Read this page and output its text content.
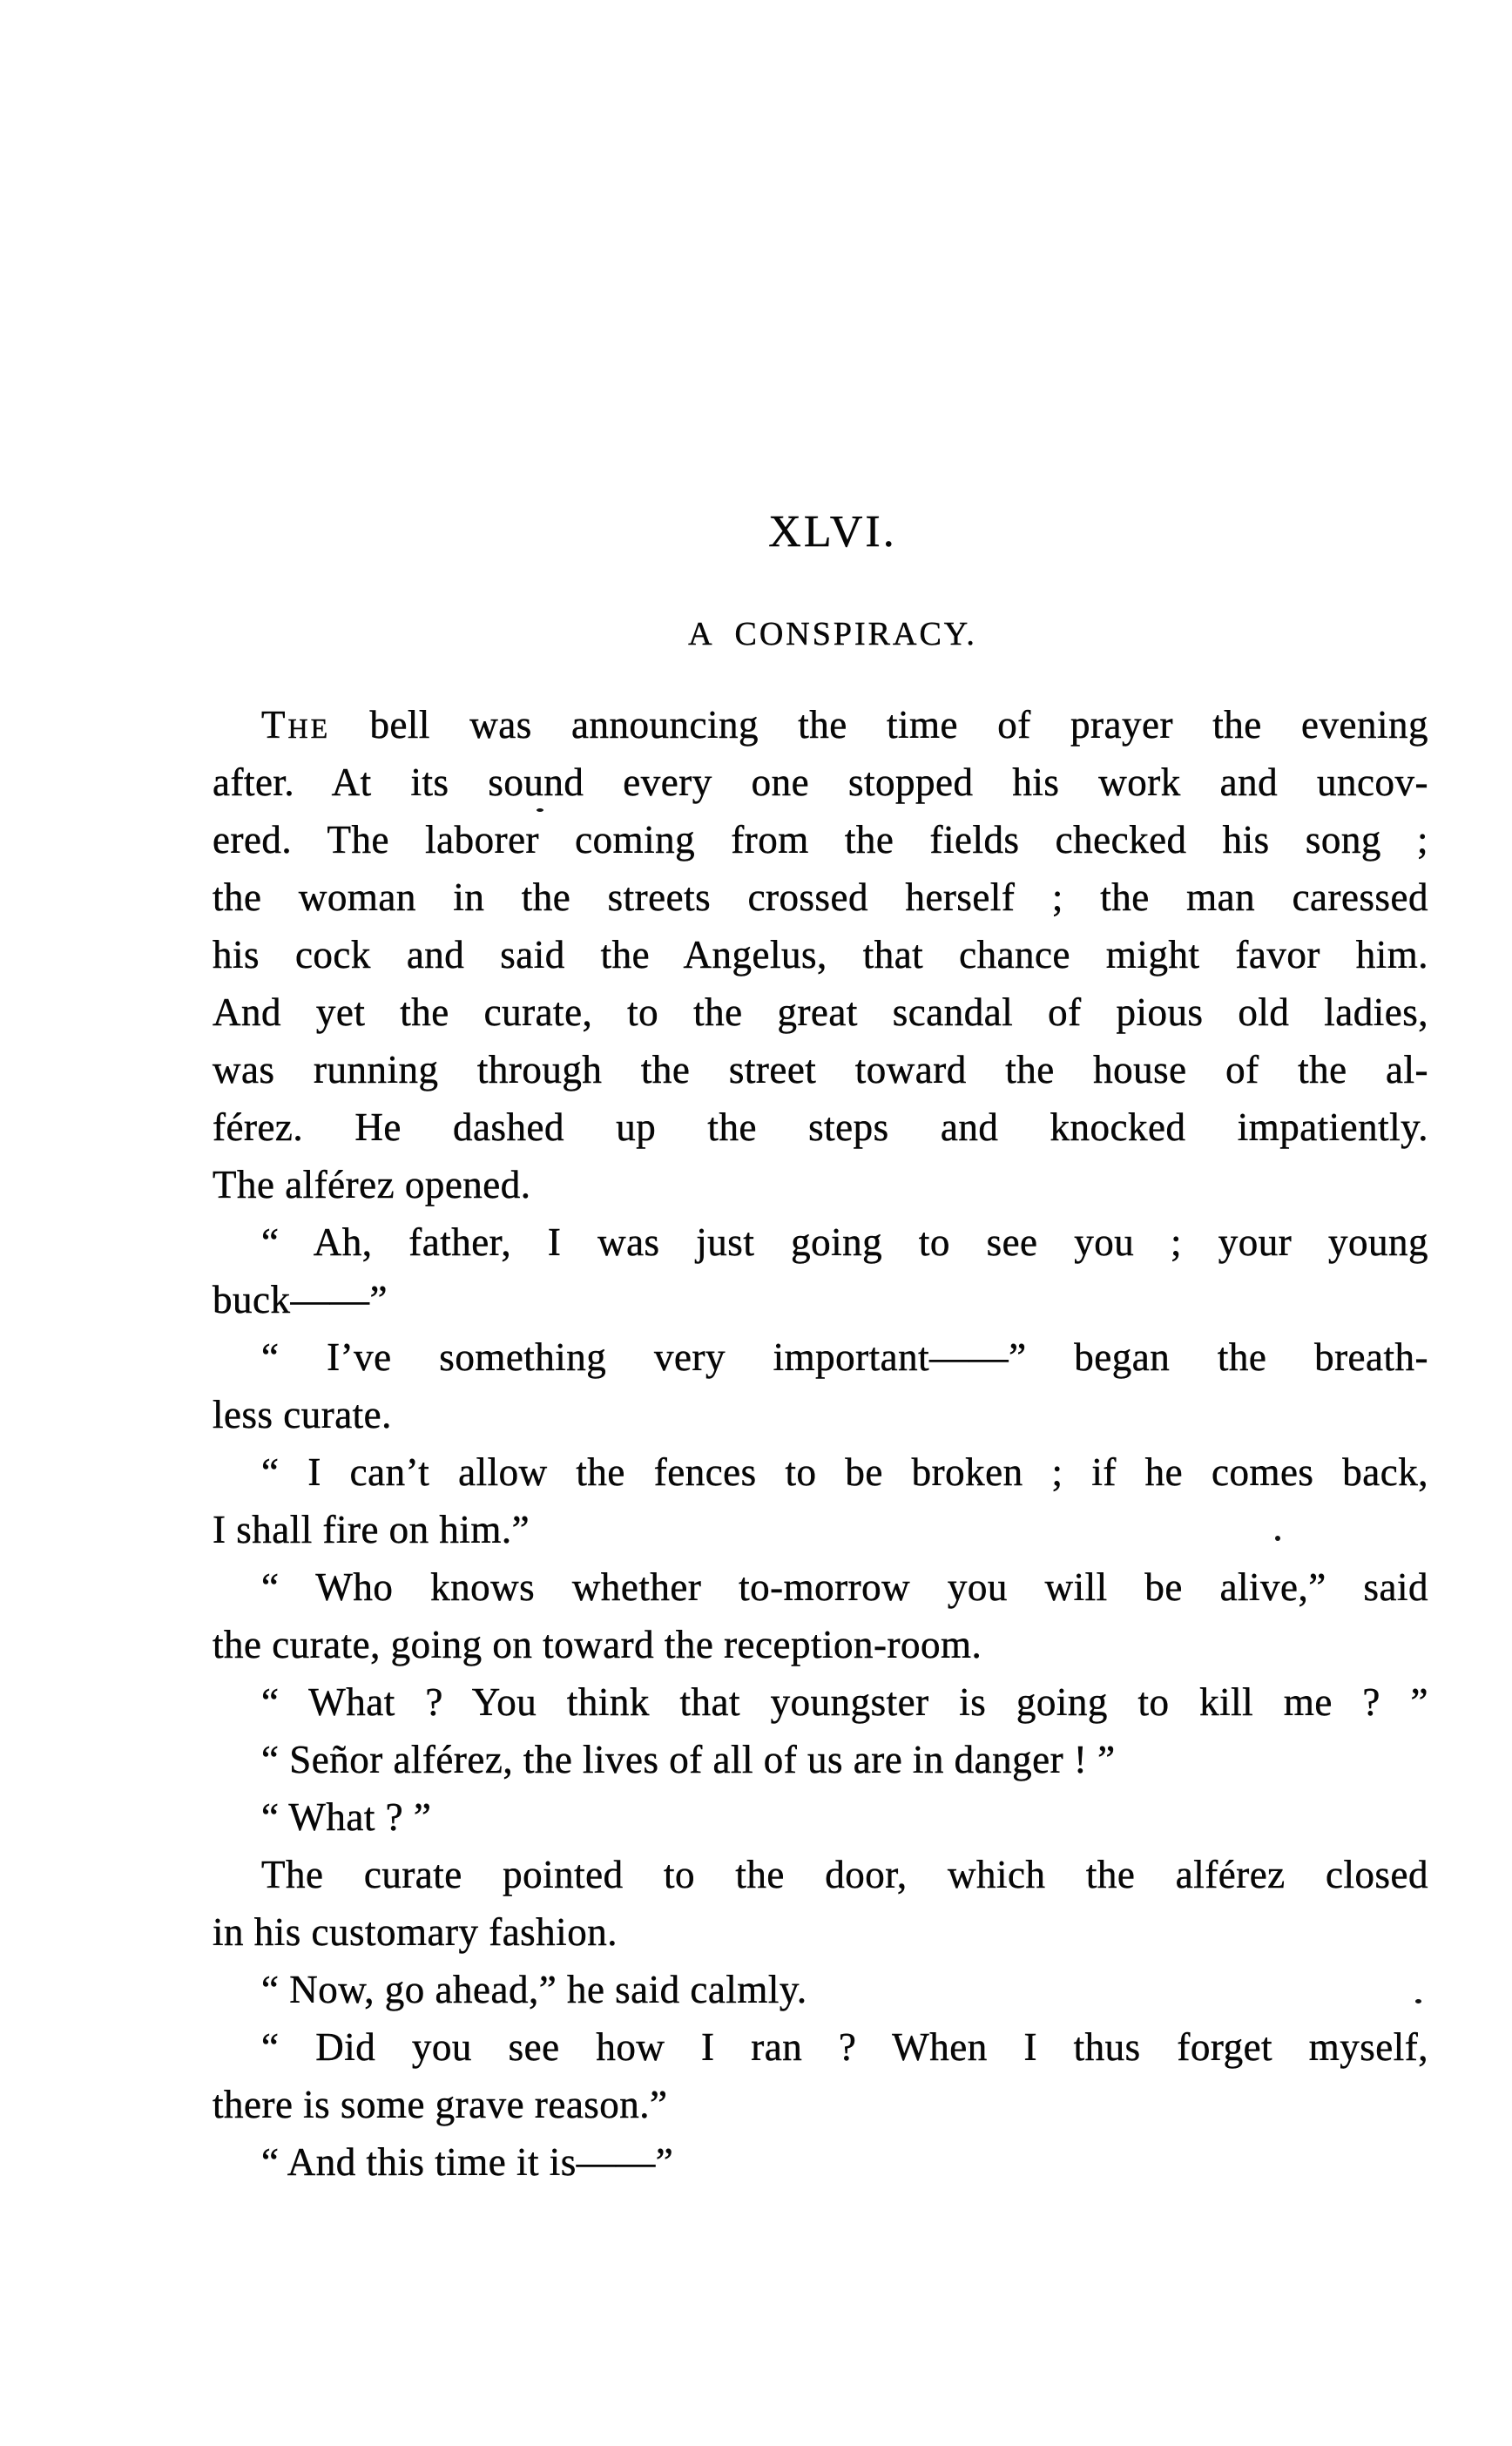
XLVI.
A  CONSPIRACY.
The bell was announcing the time of prayer the evening
after. At its sound every one stopped his work and uncov-
ered. The laborer coming from the fields checked his song ;
the woman in the streets crossed herself ; the man caressed
his cock and said the Angelus, that chance might favor him.
And yet the curate, to the great scandal of pious old ladies,
was running through the street toward the house of the al-
férez. He dashed up the steps and knocked impatiently.
The alférez opened.
“ Ah, father, I was just going to see you ; your young
buck——”
“ I’ve something very important——” began the breath-
less curate.
“ I can’t allow the fences to be broken ; if he comes back,
I shall fire on him.”
“ Who knows whether to-morrow you will be alive,” said
the curate, going on toward the reception-room.
“ What ? You think that youngster is going to kill me ? ”
“ Señor alférez, the lives of all of us are in danger ! ”
“ What ? ”
The curate pointed to the door, which the alférez closed
in his customary fashion.
“ Now, go ahead,” he said calmly.
“ Did you see how I ran ? When I thus forget myself,
there is some grave reason.”
“ And this time it is——”
